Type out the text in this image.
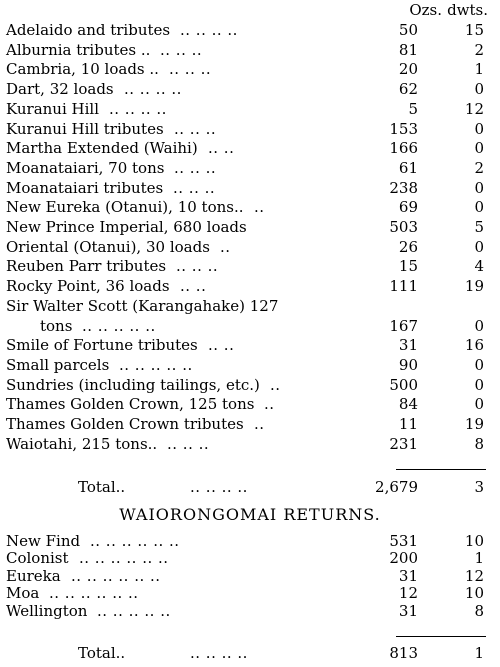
Ozs. dwts.
Adelaido and tributes .. .. .. ..	50	15
Alburnia tributes .. .. .. ..	81	2
Cambria, 10 loads .. .. .. ..	20	1
Dart, 32 loads .. .. .. ..	62	0
Kuranui Hill .. .. .. ..	5	12
Kuranui Hill tributes .. .. ..	153	0
Martha Extended (Waihi) .. ..	166	0
Moanataiari, 70 tons .. .. ..	61	2
Moanataiari tributes .. .. ..	238	0
New Eureka (Otanui), 10 tons.. ..	69	0
New Prince Imperial, 680 loads	503	5
Oriental (Otanui), 30 loads ..	26	0
Reuben Parr tributes .. .. ..	15	4
Rocky Point, 36 loads .. ..	111	19
Sir Walter Scott (Karangahake) 127
tons .. .. .. .. ..	167	0
Smile of Fortune tributes .. ..	31	16
Small parcels .. .. .. .. ..	90	0
Sundries (including tailings, etc.) ..	500	0
Thames Golden Crown, 125 tons ..	84	0
Thames Golden Crown tributes ..	11	19
Waiotahi, 215 tons.. .. .. ..	231	8
Total..	.. .. .. ..	2,679	3
WAIORONGOMAI RETURNS.
New Find .. .. .. .. .. ..	531	10
Colonist .. .. .. .. .. ..	200	1
Eureka .. .. .. .. .. ..	31	12
Moa .. .. .. .. .. ..	12	10
Wellington .. .. .. .. ..	31	8
Total..	.. .. .. ..	813	1
